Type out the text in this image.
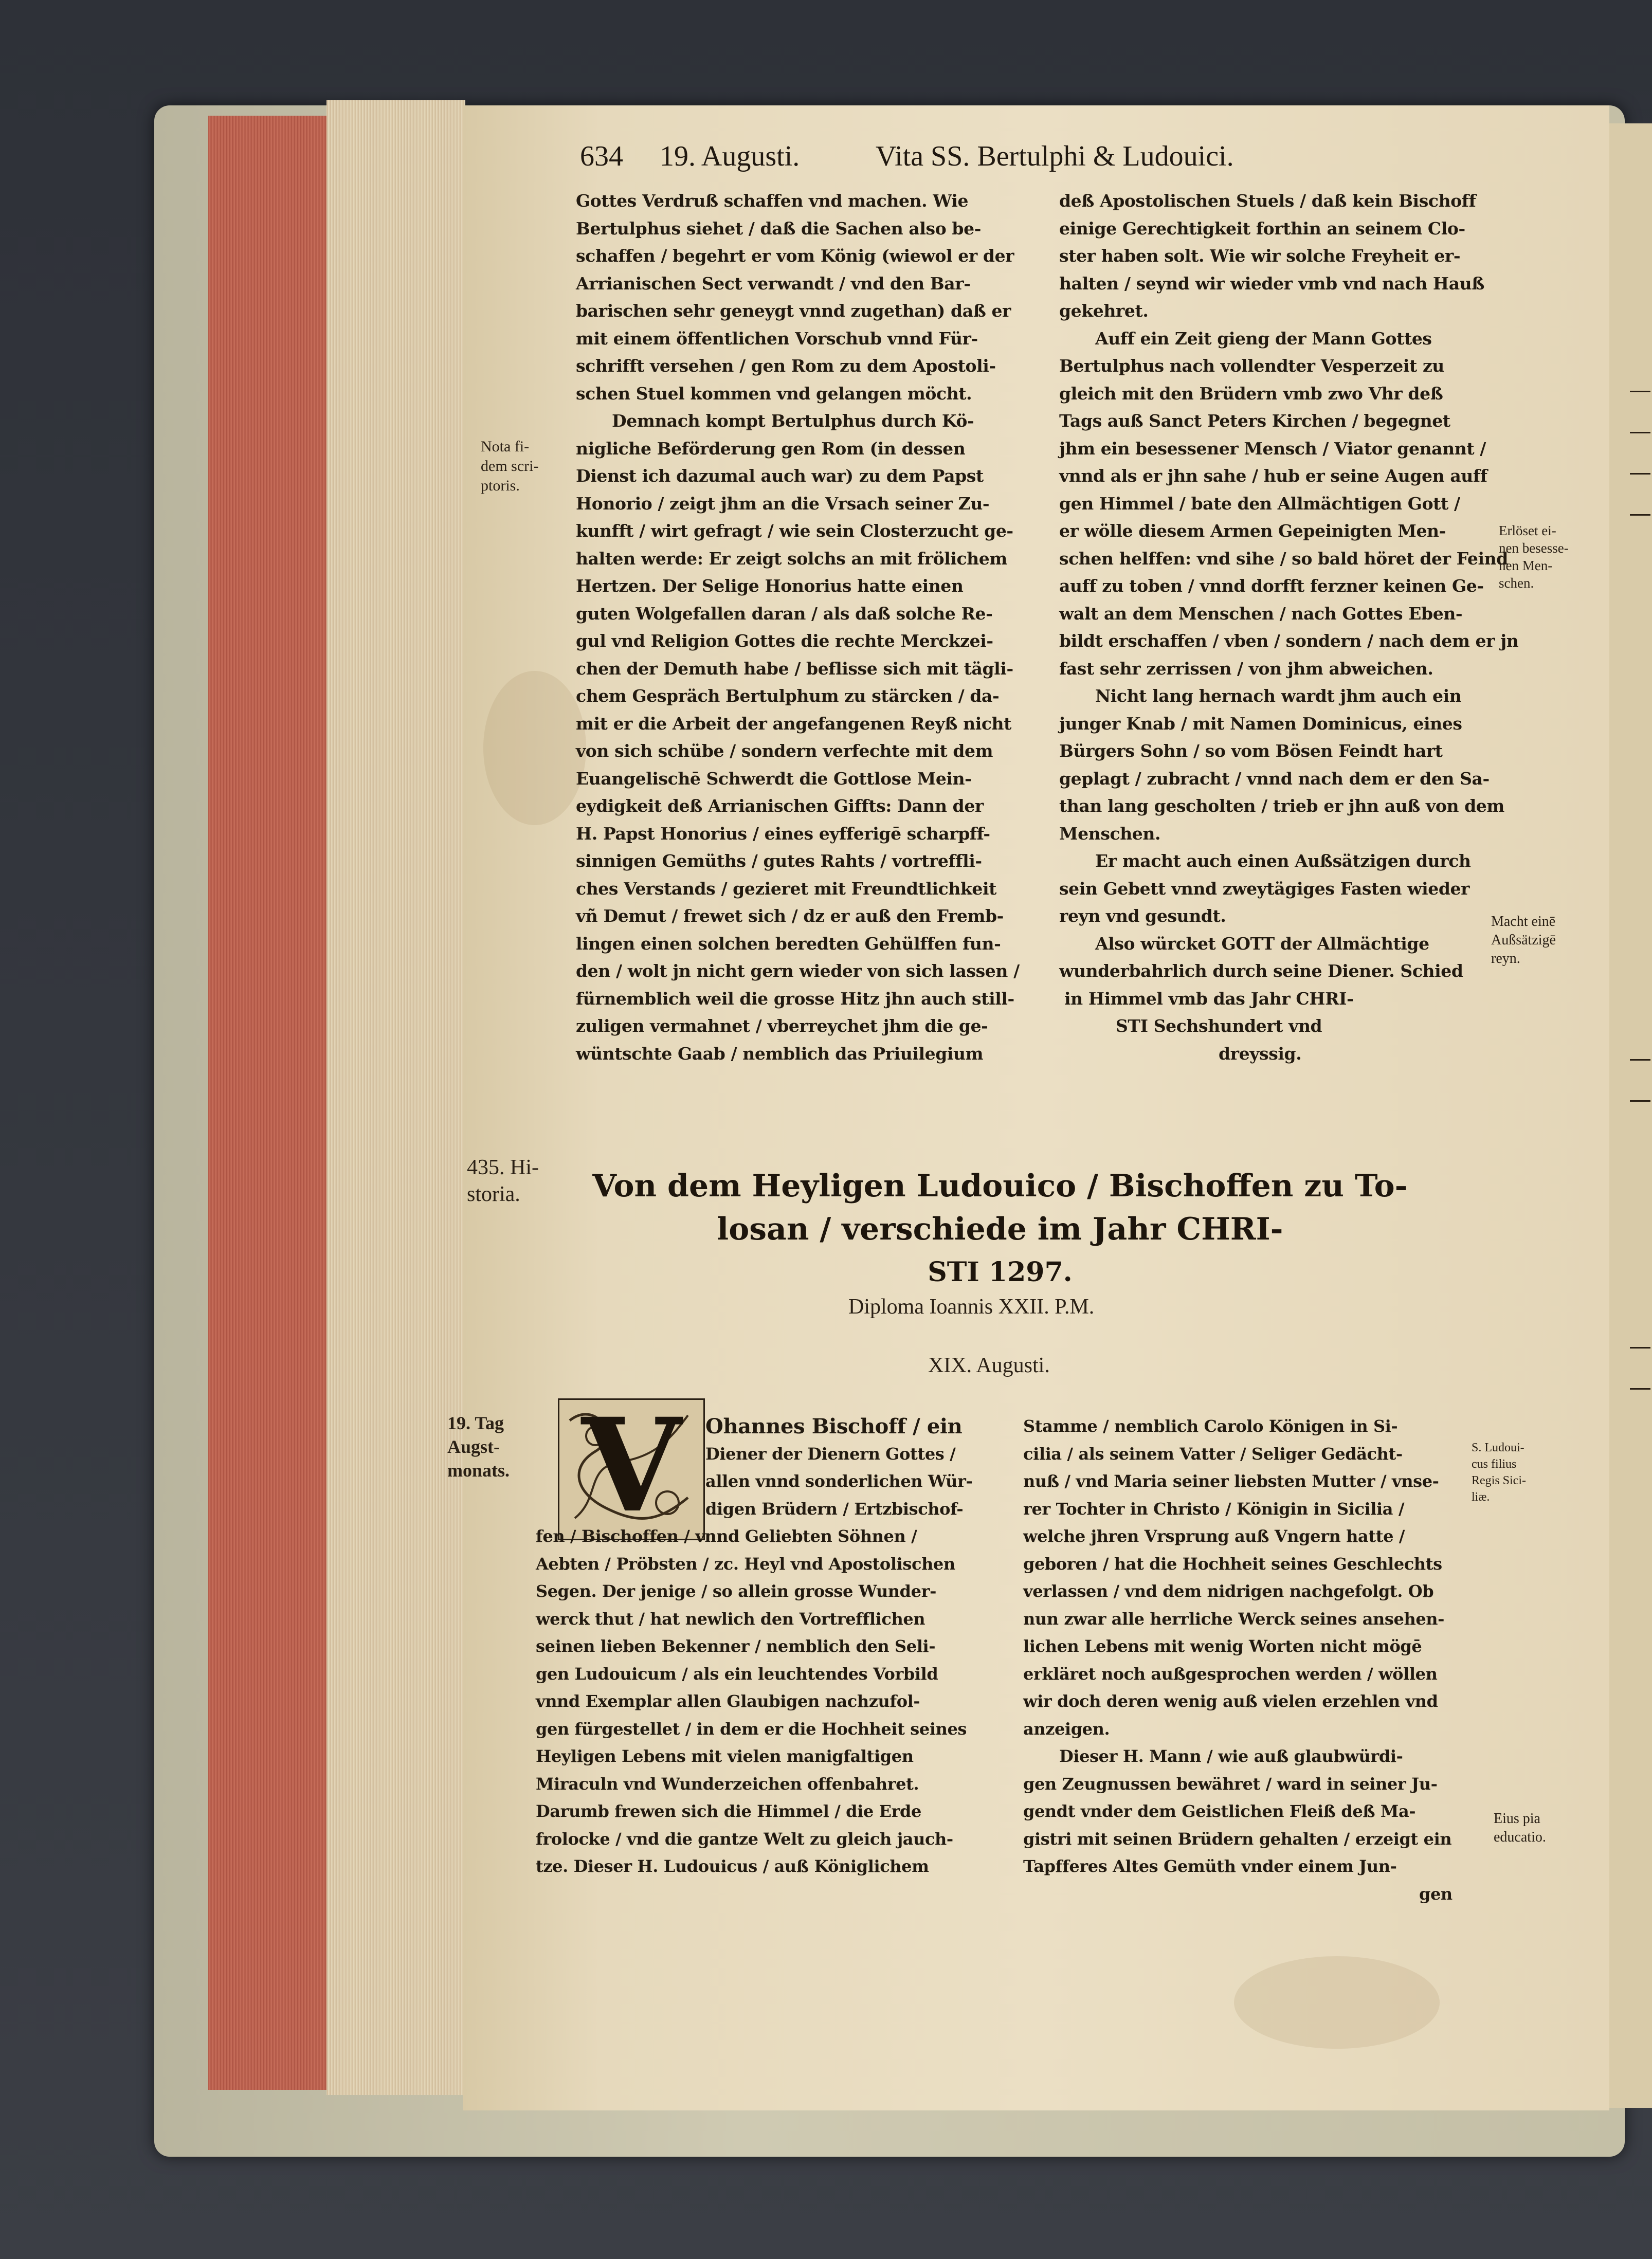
634 19. Augusti.	Vita SS. Bertulphi & Ludouici.
Gottes Verdruß schaffen vnd machen. Wie
Bertulphus siehet / daß die Sachen also be-
schaffen / begehrt er vom König (wiewol er der
Arrianischen Sect verwandt / vnd den Bar-
barischen sehr geneygt vnnd zugethan) daß er
mit einem öffentlichen Vorschub vnnd Für-
schrifft versehen / gen Rom zu dem Apostoli-
schen Stuel kommen vnd gelangen möcht.
Demnach kompt Bertulphus durch Kö-
nigliche Beförderung gen Rom (in dessen
Dienst ich dazumal auch war) zu dem Papst
Honorio / zeigt jhm an die Vrsach seiner Zu-
kunfft / wirt gefragt / wie sein Closterzucht ge-
halten werde: Er zeigt solchs an mit frölichem
Hertzen. Der Selige Honorius hatte einen
guten Wolgefallen daran / als daß solche Re-
gul vnd Religion Gottes die rechte Merckzei-
chen der Demuth habe / beflisse sich mit tägli-
chem Gespräch Bertulphum zu stärcken / da-
mit er die Arbeit der angefangenen Reyß nicht
von sich schübe / sondern verfechte mit dem
Euangelischē Schwerdt die Gottlose Mein-
eydigkeit deß Arrianischen Giffts: Dann der
H. Papst Honorius / eines eyfferigē scharpff-
sinnigen Gemüths / gutes Rahts / vortreffli-
ches Verstands / gezieret mit Freundtlichkeit
vñ Demut / frewet sich / dz er auß den Fremb-
lingen einen solchen beredten Gehülffen fun-
den / wolt jn nicht gern wieder von sich lassen /
fürnemblich weil die grosse Hitz jhn auch still-
zuligen vermahnet / vberreychet jhm die ge-
wüntschte Gaab / nemblich das Priuilegium
deß Apostolischen Stuels / daß kein Bischoff
einige Gerechtigkeit forthin an seinem Clo-
ster haben solt. Wie wir solche Freyheit er-
halten / seynd wir wieder vmb vnd nach Hauß
gekehret.
Auff ein Zeit gieng der Mann Gottes
Bertulphus nach vollendter Vesperzeit zu
gleich mit den Brüdern vmb zwo Vhr deß
Tags auß Sanct Peters Kirchen / begegnet
jhm ein besessener Mensch / Viator genannt /
vnnd als er jhn sahe / hub er seine Augen auff
gen Himmel / bate den Allmächtigen Gott /
er wölle diesem Armen Gepeinigten Men-
schen helffen: vnd sihe / so bald höret der Feind
auff zu toben / vnnd dorfft ferzner keinen Ge-
walt an dem Menschen / nach Gottes Eben-
bildt erschaffen / vben / sondern / nach dem er jn
fast sehr zerrissen / von jhm abweichen.
Nicht lang hernach wardt jhm auch ein
junger Knab / mit Namen Dominicus, eines
Bürgers Sohn / so vom Bösen Feindt hart
geplagt / zubracht / vnnd nach dem er den Sa-
than lang gescholten / trieb er jhn auß von dem
Menschen.
Er macht auch einen Außsätzigen durch
sein Gebett vnnd zweytägiges Fasten wieder
reyn vnd gesundt.
Also würcket GOTT der Allmächtige
wunderbahrlich durch seine Diener. Schied
in Himmel vmb das Jahr CHRI-
STI Sechshundert vnd
dreyssig.
Nota fi-
dem scri-
ptoris.
Erlöset ei-
nen besesse-
nen Men-
schen.
Macht einē
Außsätzigē
reyn.
435. Hi-
storia.
19. Tag
Augst-
monats.
S. Ludoui-
cus filius
Regis Sici-
liæ.
Eius pia
educatio.
Von dem Heyligen Ludouico / Bischoffen zu To-
losan / verschiede im Jahr CHRI-
STI 1297.
Diploma Ioannis XXII. P.M.
XIX. Augusti.
V	Ohannes Bischoff / ein
Diener der Dienern Gottes /
allen vnnd sonderlichen Wür-
digen Brüdern / Ertzbischof-
fen / Bischoffen / vnnd Geliebten Söhnen /
Aebten / Pröbsten / zc. Heyl vnd Apostolischen
Segen. Der jenige / so allein grosse Wunder-
werck thut / hat newlich den Vortrefflichen
seinen lieben Bekenner / nemblich den Seli-
gen Ludouicum / als ein leuchtendes Vorbild
vnnd Exemplar allen Glaubigen nachzufol-
gen fürgestellet / in dem er die Hochheit seines
Heyligen Lebens mit vielen manigfaltigen
Miraculn vnd Wunderzeichen offenbahret.
Darumb frewen sich die Himmel / die Erde
frolocke / vnd die gantze Welt zu gleich jauch-
tze. Dieser H. Ludouicus / auß Königlichem
Stamme / nemblich Carolo Königen in Si-
cilia / als seinem Vatter / Seliger Gedächt-
nuß / vnd Maria seiner liebsten Mutter / vnse-
rer Tochter in Christo / Königin in Sicilia /
welche jhren Vrsprung auß Vngern hatte /
geboren / hat die Hochheit seines Geschlechts
verlassen / vnd dem nidrigen nachgefolgt. Ob
nun zwar alle herrliche Werck seines ansehen-
lichen Lebens mit wenig Worten nicht mögē
erkläret noch außgesprochen werden / wöllen
wir doch deren wenig auß vielen erzehlen vnd
anzeigen.
Dieser H. Mann / wie auß glaubwürdi-
gen Zeugnussen bewähret / ward in seiner Ju-
gendt vnder dem Geistlichen Fleiß deß Ma-
gistri mit seinen Brüdern gehalten / erzeigt ein
Tapfferes Altes Gemüth vnder einem Jun-
gen
